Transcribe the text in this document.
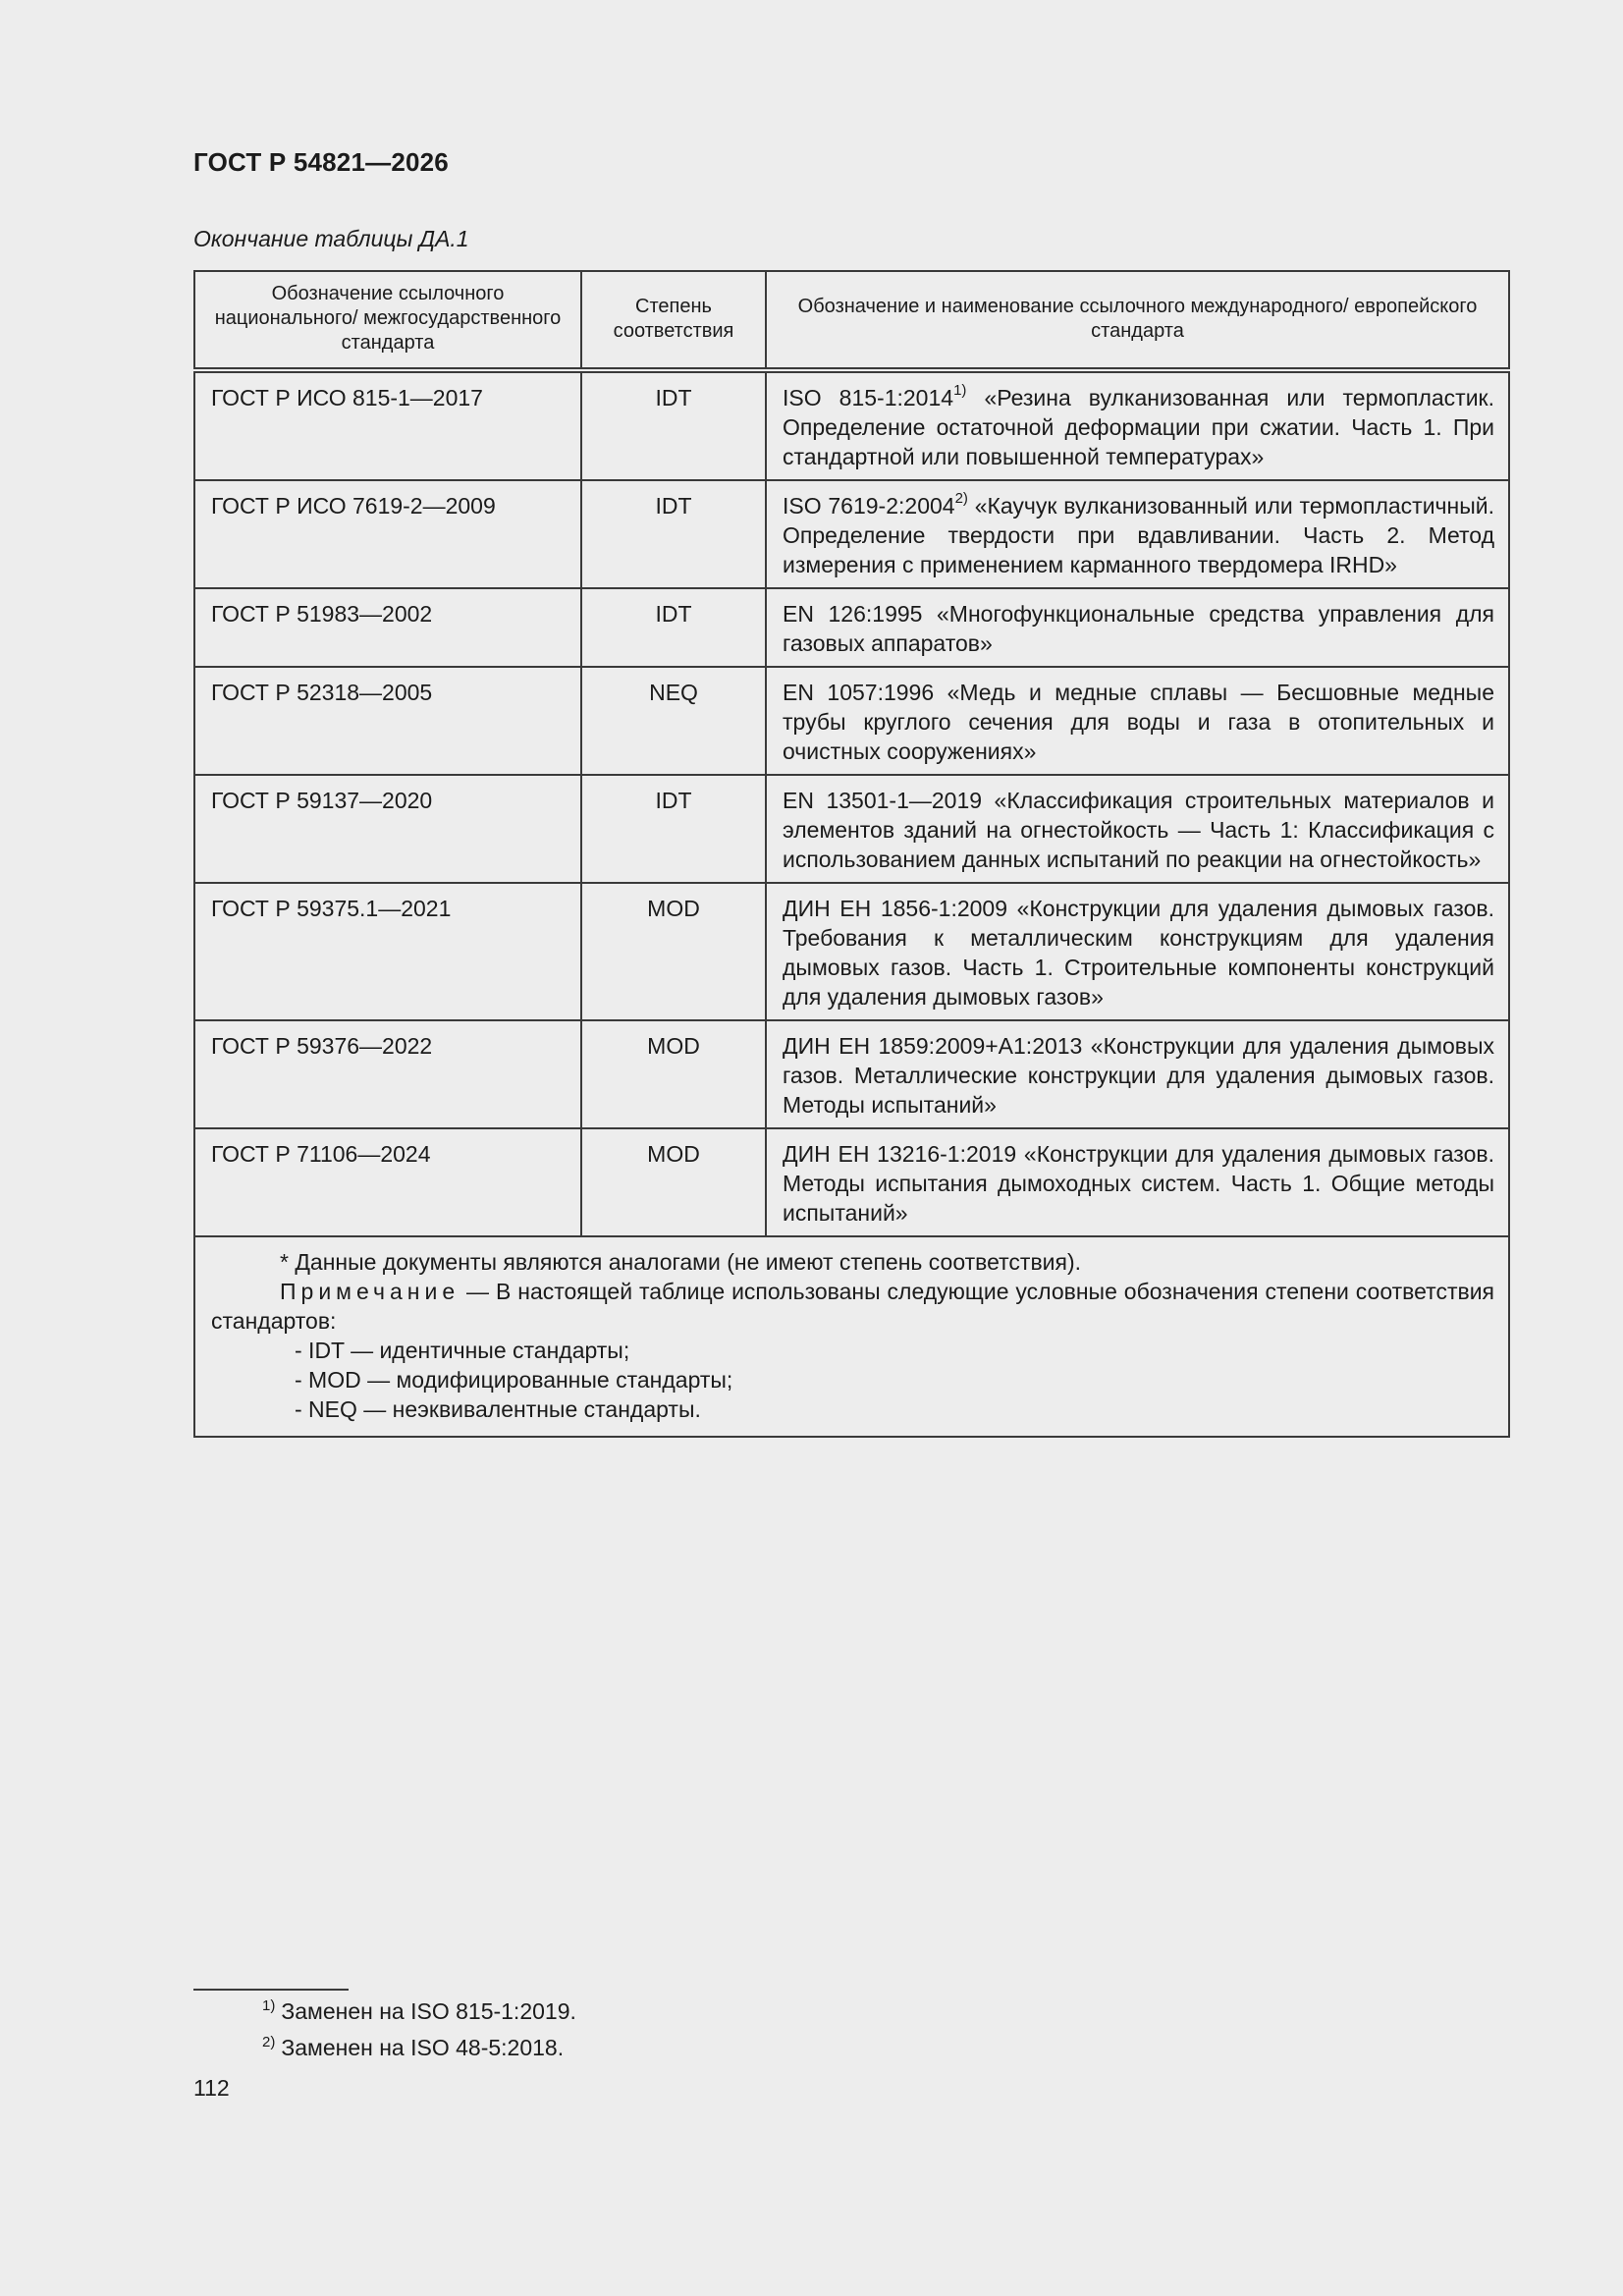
ГОСТ Р 54821—2026
Окончание таблицы ДА.1
Обозначение ссылочного национального/ межгосударственного стандарта	Степень соответствия	Обозначение и наименование ссылочного международного/ европейского стандарта
ГОСТ Р ИСО 815-1—2017	IDT	ISO 815-1:2014$^{1)}$ «Резина вулканизованная или термопластик. Определение остаточной деформации при сжатии. Часть 1. При стандартной или повышенной температурах»
ГОСТ Р ИСО 7619-2—2009	IDT	ISO 7619-2:2004$^{2)}$ «Каучук вулканизованный или термопластичный. Определение твердости при вдавливании. Часть 2. Метод измерения с применением карманного твердомера IRHD»
ГОСТ Р 51983—2002	IDT	EN 126:1995 «Многофункциональные средства управления для газовых аппаратов»
ГОСТ Р 52318—2005	NEQ	EN 1057:1996 «Медь и медные сплавы — Бесшовные медные трубы круглого сечения для воды и газа в отопительных и очистных сооружениях»
ГОСТ Р 59137—2020	IDT	EN 13501-1—2019 «Классификация строительных материалов и элементов зданий на огнестойкость — Часть 1: Классификация с использованием данных испытаний по реакции на огнестойкость»
ГОСТ Р 59375.1—2021	MOD	ДИН ЕН 1856-1:2009 «Конструкции для удаления дымовых газов. Требования к металлическим конструкциям для удаления дымовых газов. Часть 1. Строительные компоненты конструкций для удаления дымовых газов»
ГОСТ Р 59376—2022	MOD	ДИН ЕН 1859:2009+А1:2013 «Конструкции для удаления дымовых газов. Металлические конструкции для удаления дымовых газов. Методы испытаний»
ГОСТ Р 71106—2024	MOD	ДИН ЕН 13216-1:2019 «Конструкции для удаления дымовых газов. Методы испытания дымоходных систем. Часть 1. Общие методы испытаний»

* Данные документы являются аналогами (не имеют степень соответствия).

Примечание — В настоящей таблице использованы следующие условные обозначения степени соответствия стандартов:

- IDT — идентичные стандарты;

- MOD — модифицированные стандарты;

- NEQ — неэквивалентные стандарты.		

$^{1)}$ Заменен на ISO 815-1:2019.
$^{2)}$ Заменен на ISO 48-5:2018.
112
